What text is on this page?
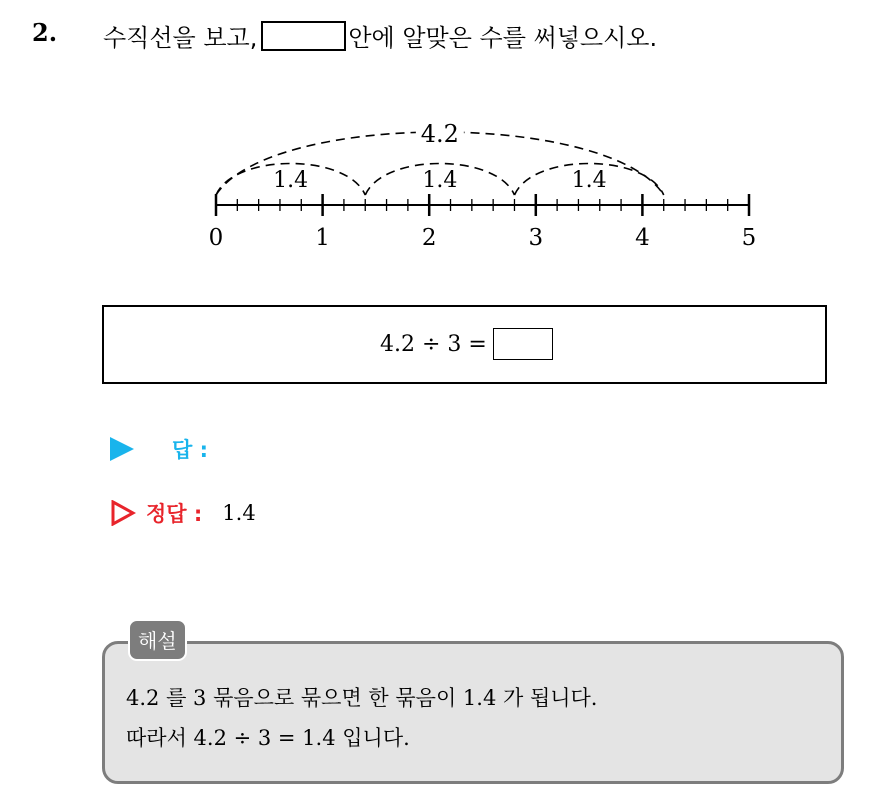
2. 수직선을 보고,	안에 알맞은 수를 써넣으시오.
0	1	2	3	4	5
4.2
1.4	1.4	1.4
4.2 ÷ 3 =
답 :
정답 : 1.4
해설
4.2 를 3 묶음으로 묶으면 한 묶음이 1.4 가 됩니다.
따라서 4.2 ÷ 3 = 1.4 입니다.
